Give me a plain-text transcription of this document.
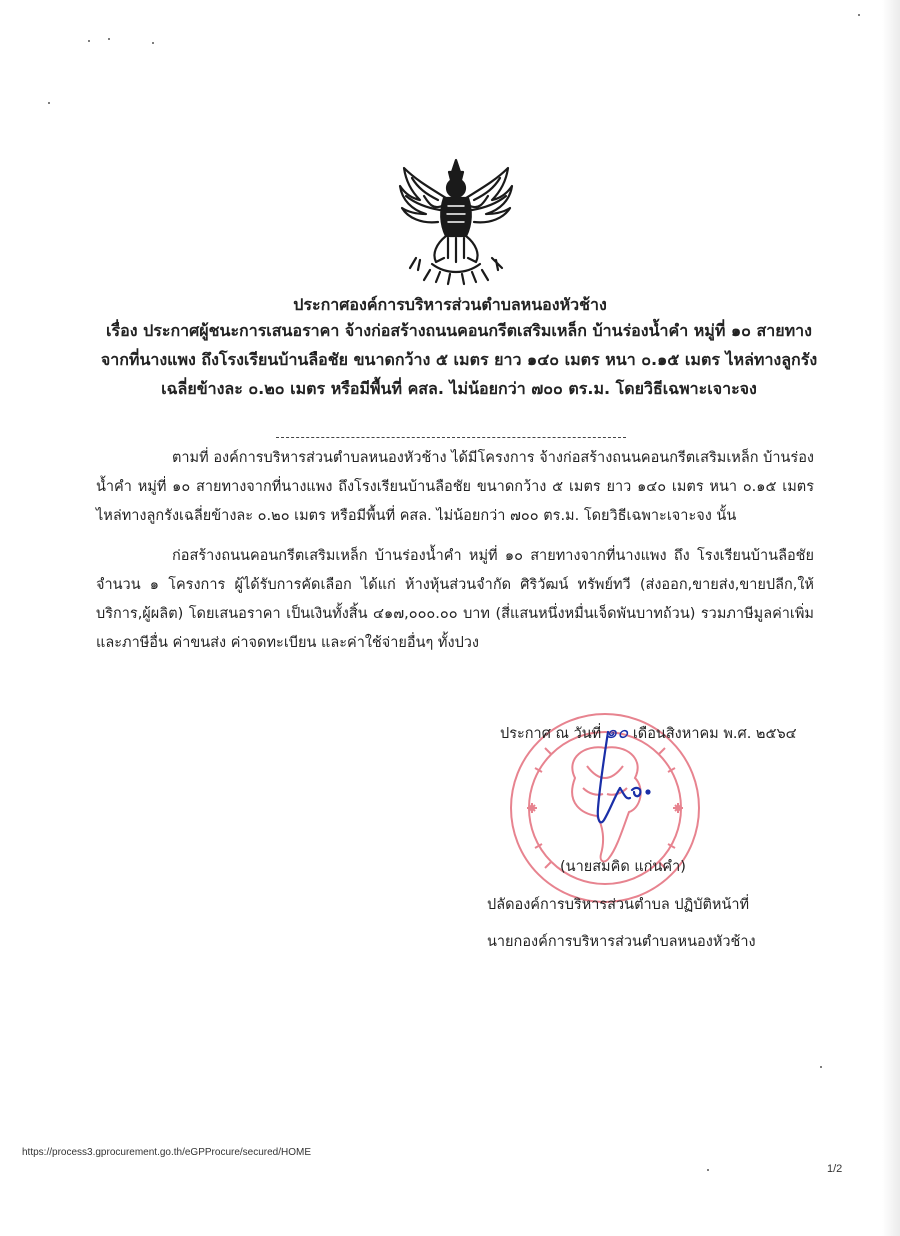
ประกาศองค์การบริหารส่วนตำบลหนองหัวช้าง
เรื่อง ประกาศผู้ชนะการเสนอราคา จ้างก่อสร้างถนนคอนกรีตเสริมเหล็ก บ้านร่องน้ำคำ หมู่ที่ ๑๐ สายทางจากที่นางแพง ถึงโรงเรียนบ้านลือชัย ขนาดกว้าง ๕ เมตร ยาว ๑๔๐ เมตร หนา ๐.๑๕ เมตร ไหล่ทางลูกรังเฉลี่ยข้างละ ๐.๒๐ เมตร หรือมีพื้นที่ คสล. ไม่น้อยกว่า ๗๐๐ ตร.ม. โดยวิธีเฉพาะเจาะจง
ตามที่ องค์การบริหารส่วนตำบลหนองหัวช้าง ได้มีโครงการ จ้างก่อสร้างถนนคอนกรีตเสริมเหล็ก บ้านร่องน้ำคำ หมู่ที่ ๑๐ สายทางจากที่นางแพง ถึงโรงเรียนบ้านลือชัย ขนาดกว้าง ๕ เมตร ยาว ๑๔๐ เมตร หนา ๐.๑๕ เมตร ไหล่ทางลูกรังเฉลี่ยข้างละ ๐.๒๐ เมตร หรือมีพื้นที่ คสล. ไม่น้อยกว่า ๗๐๐ ตร.ม. โดยวิธีเฉพาะเจาะจง นั้น
ก่อสร้างถนนคอนกรีตเสริมเหล็ก บ้านร่องน้ำคำ หมู่ที่ ๑๐ สายทางจากที่นางแพง ถึง โรงเรียนบ้านลือชัย จำนวน ๑ โครงการ ผู้ได้รับการคัดเลือก ได้แก่ ห้างหุ้นส่วนจำกัด ศิริวัฒน์ ทรัพย์ทวี (ส่งออก,ขายส่ง,ขายปลีก,ให้บริการ,ผู้ผลิต) โดยเสนอราคา เป็นเงินทั้งสิ้น ๔๑๗,๐๐๐.๐๐ บาท (สี่แสนหนึ่งหมื่นเจ็ดพันบาทถ้วน) รวมภาษีมูลค่าเพิ่มและภาษีอื่น ค่าขนส่ง ค่าจดทะเบียน และค่าใช้จ่ายอื่นๆ ทั้งปวง
ประกาศ ณ วันที่ ๑๐ เดือนสิงหาคม พ.ศ. ๒๕๖๔
(นายสมคิด แก่นคำ)
ปลัดองค์การบริหารส่วนตำบล ปฏิบัติหน้าที่
นายกองค์การบริหารส่วนตำบลหนองหัวช้าง
https://process3.gprocurement.go.th/eGPProcure/secured/HOME
1/2
